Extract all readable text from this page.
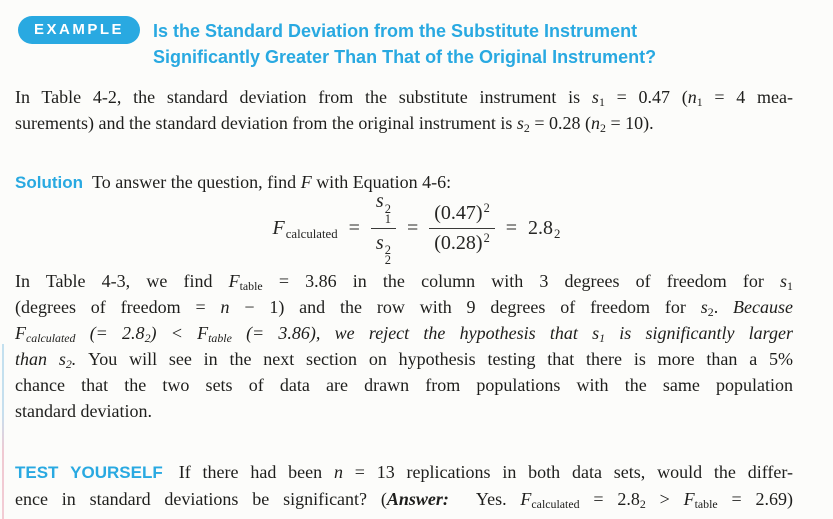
EXAMPLE	Is the Standard Deviation from the Substitute Instrument
Significantly Greater Than That of the Original Instrument?
In Table 4-2, the standard deviation from the substitute instrument is s1 = 0.47 (n1 = 4 mea-
surements) and the standard deviation from the original instrument is s2 = 0.28 (n2 = 10).
Solution To answer the question, find F with Equation 4-6:
$F_{calculated} = s$ 2
1
s 2
$2 = \frac{(0.47)^2}{(0.28)^2} = 2.8_2$
In Table 4-3, we find Ftable = 3.86 in the column with 3 degrees of freedom for s1
(degrees of freedom = n − 1) and the row with 9 degrees of freedom for s2. Because
Fcalculated (= 2.82) < Ftable (= 3.86), we reject the hypothesis that s1 is significantly larger
than s2. You will see in the next section on hypothesis testing that there is more than a 5%
chance that the two sets of data are drawn from populations with the same population
standard deviation.
TEST YOURSELF If there had been n = 13 replications in both data sets, would the differ-
ence in standard deviations be significant? (Answer:  Yes. Fcalculated = 2.82 > Ftable = 2.69)
